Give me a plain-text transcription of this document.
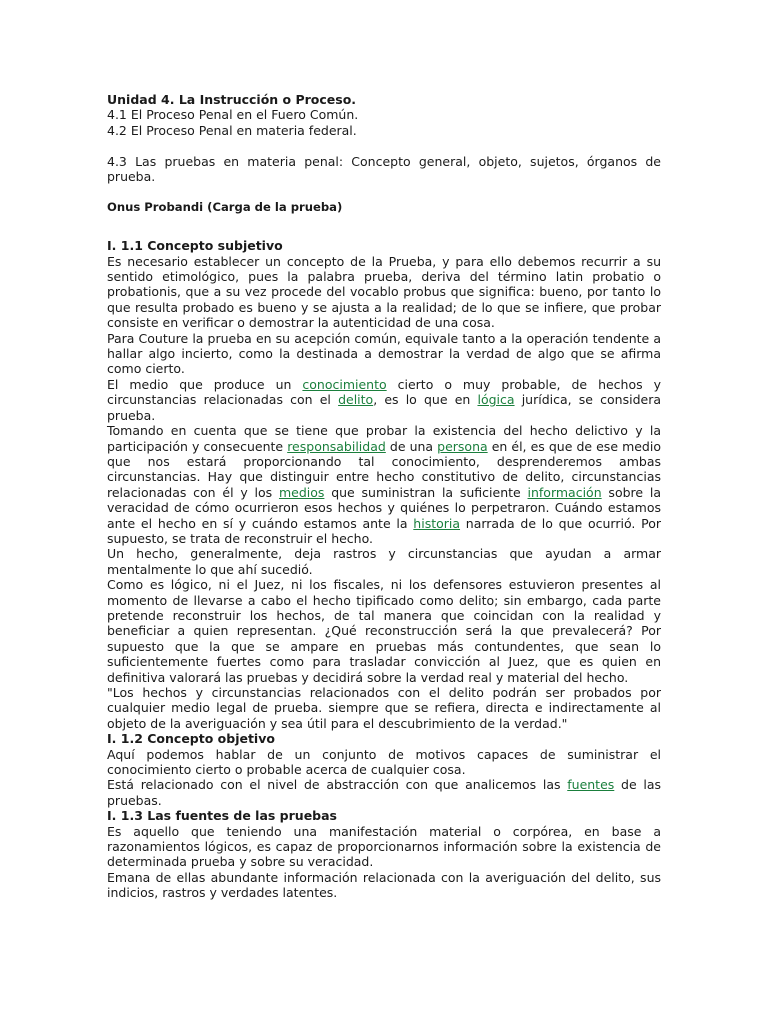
Unidad 4. La Instrucción o Proceso.

4.1 El Proceso Penal en el Fuero Común.

4.2 El Proceso Penal en materia federal.

4.3 Las pruebas en materia penal: Concepto general, objeto, sujetos, órganos de prueba.

Onus Probandi (Carga de la prueba)

I. 1.1 Concepto subjetivo

Es necesario establecer un concepto de la Prueba, y para ello debemos recurrir a su sentido etimológico, pues la palabra prueba, deriva del término latin probatio o probationis, que a su vez procede del vocablo probus que significa: bueno, por tanto lo que resulta probado es bueno y se ajusta a la realidad; de lo que se infiere, que probar consiste en verificar o demostrar la autenticidad de una cosa.

Para Couture la prueba en su acepción común, equivale tanto a la operación tendente a hallar algo incierto, como la destinada a demostrar la verdad de algo que se afirma como cierto.

El medio que produce un conocimiento cierto o muy probable, de hechos y circunstancias relacionadas con el delito, es lo que en lógica jurídica, se considera prueba.

Tomando en cuenta que se tiene que probar la existencia del hecho delictivo y la participación y consecuente responsabilidad de una persona en él, es que de ese medio que nos estará proporcionando tal conocimiento, desprenderemos ambas circunstancias. Hay que distinguir entre hecho constitutivo de delito, circunstancias relacionadas con él y los medios que suministran la suficiente información sobre la veracidad de cómo ocurrieron esos hechos y quiénes lo perpetraron. Cuándo estamos ante el hecho en sí y cuándo estamos ante la historia narrada de lo que ocurrió. Por supuesto, se trata de reconstruir el hecho.

Un hecho, generalmente, deja rastros y circunstancias que ayudan a armar mentalmente lo que ahí sucedió.

Como es lógico, ni el Juez, ni los fiscales, ni los defensores estuvieron presentes al momento de llevarse a cabo el hecho tipificado como delito; sin embargo, cada parte pretende reconstruir los hechos, de tal manera que coincidan con la realidad y beneficiar a quien representan. ¿Qué reconstrucción será la que prevalecerá? Por supuesto que la que se ampare en pruebas más contundentes, que sean lo suficientemente fuertes como para trasladar convicción al Juez, que es quien en definitiva valorará las pruebas y decidirá sobre la verdad real y material del hecho.

"Los hechos y circunstancias relacionados con el delito podrán ser probados por cualquier medio legal de prueba. siempre que se refiera, directa e indirectamente al objeto de la averiguación y sea útil para el descubrimiento de la verdad."

I. 1.2 Concepto objetivo

Aquí podemos hablar de un conjunto de motivos capaces de suministrar el conocimiento cierto o probable acerca de cualquier cosa.

Está relacionado con el nivel de abstracción con que analicemos las fuentes de las pruebas.

I. 1.3 Las fuentes de las pruebas

Es aquello que teniendo una manifestación material o corpórea, en base a razonamientos lógicos, es capaz de proporcionarnos información sobre la existencia de determinada prueba y sobre su veracidad.

Emana de ellas abundante información relacionada con la averiguación del delito, sus indicios, rastros y verdades latentes.
